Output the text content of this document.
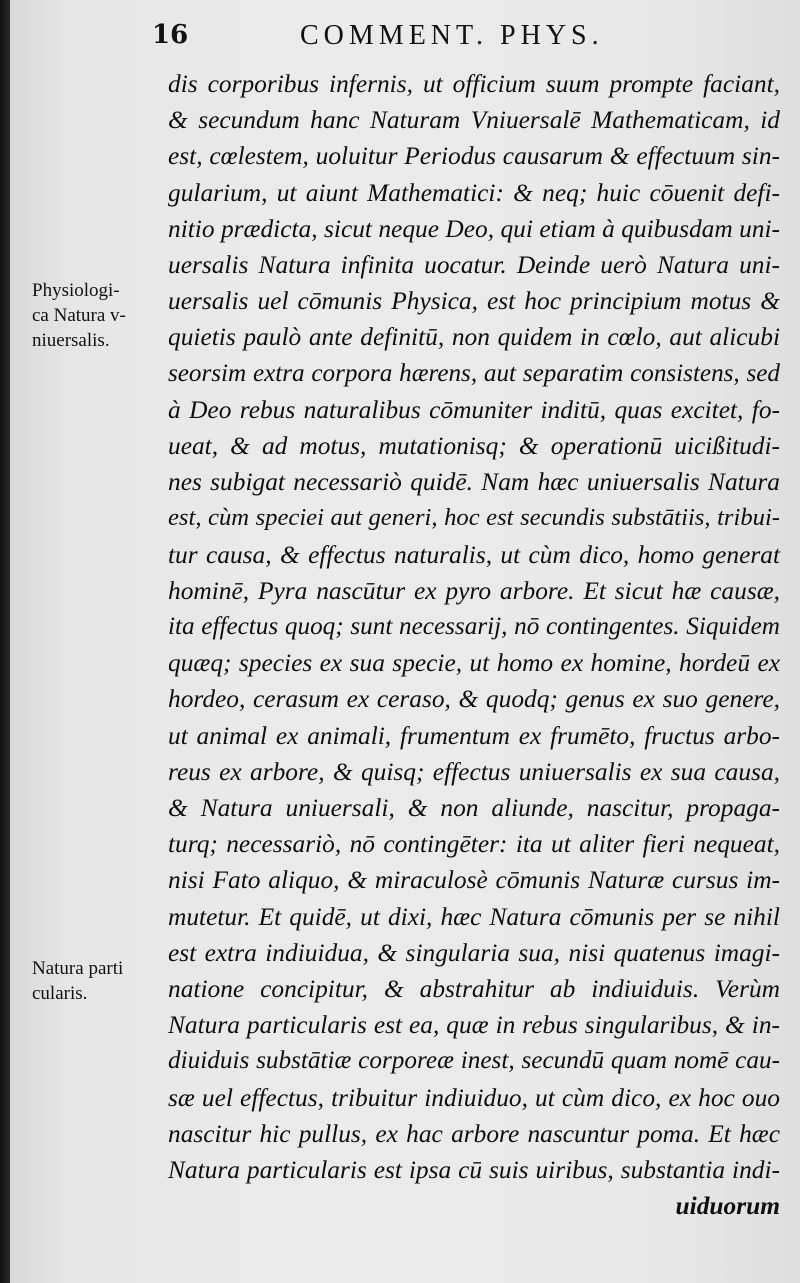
16	COMMENT. PHYS.
Physiologi-
ca Natura v-
niuersalis.
Natura parti
cularis.
dis corporibus infernis, ut officium suum prompte faciant,
& secundum hanc Naturam Vniuersalē Mathematicam, id
est, cœlestem, uoluitur Periodus causarum & effectuum sin-
gularium, ut aiunt Mathematici: & neq; huic cōuenit defi-
nitio prædicta, sicut neque Deo, qui etiam à quibusdam uni-
uersalis Natura infinita uocatur. Deinde uerò Natura uni-
uersalis uel cōmunis Physica, est hoc principium motus &
quietis paulò ante definitū, non quidem in cœlo, aut alicubi
seorsim extra corpora hærens, aut separatim consistens, sed
à Deo rebus naturalibus cōmuniter inditū, quas excitet, fo-
ueat, & ad motus, mutationisq; & operationū uicißitudi-
nes subigat necessariò quidē. Nam hæc uniuersalis Natura
est, cùm speciei aut generi, hoc est secundis substātiis, tribui-
tur causa, & effectus naturalis, ut cùm dico, homo generat
hominē, Pyra nascūtur ex pyro arbore. Et sicut hæ causæ,
ita effectus quoq; sunt necessarij, nō contingentes. Siquidem
quæq; species ex sua specie, ut homo ex homine, hordeū ex
hordeo, cerasum ex ceraso, & quodq; genus ex suo genere,
ut animal ex animali, frumentum ex frumēto, fructus arbo-
reus ex arbore, & quisq; effectus uniuersalis ex sua causa,
& Natura uniuersali, & non aliunde, nascitur, propaga-
turq; necessariò, nō contingēter: ita ut aliter fieri nequeat,
nisi Fato aliquo, & miraculosè cōmunis Naturæ cursus im-
mutetur. Et quidē, ut dixi, hæc Natura cōmunis per se nihil
est extra indiuidua, & singularia sua, nisi quatenus imagi-
natione concipitur, & abstrahitur ab indiuiduis. Verùm
Natura particularis est ea, quæ in rebus singularibus, & in-
diuiduis substātiæ corporeæ inest, secundū quam nomē cau-
sæ uel effectus, tribuitur indiuiduo, ut cùm dico, ex hoc ouo
nascitur hic pullus, ex hac arbore nascuntur poma. Et hæc
Natura particularis est ipsa cū suis uiribus, substantia indi-
uiduorum
